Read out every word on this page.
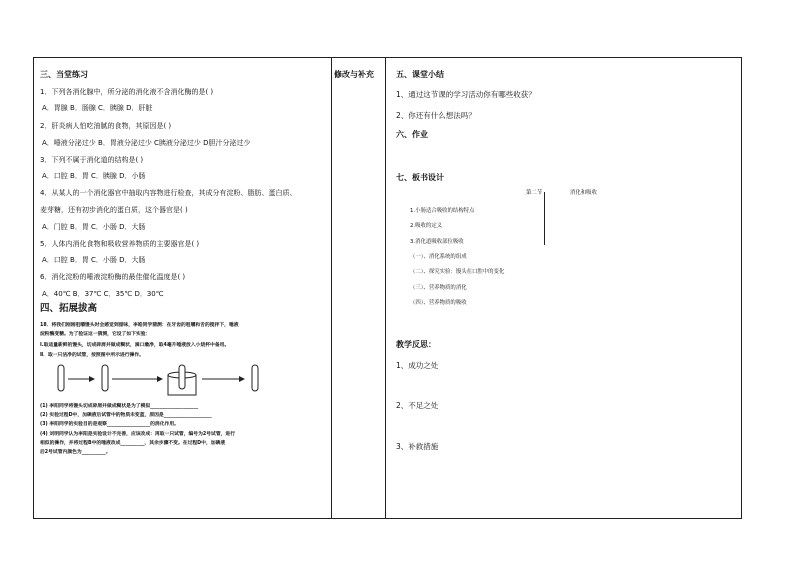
三、当堂练习
1．下列各消化腺中，所分泌的消化液不含消化酶的是( )
A．胃腺 B．肠腺 C．胰腺 D．肝脏
2．肝炎病人怕吃油腻的食物，其原因是( )
A．唾液分泌过少 B．胃液分泌过少 C胰液分泌过少 D胆汁分泌过少
3．下列不属于消化道的结构是( )
A．口腔 B．胃 C．胰腺 D．小肠
4．从某人的一个消化器官中抽取内容物进行检查，其成分有淀粉、脂肪、蛋白质、
麦芽糖，还有初步消化的蛋白质，这个器官是( )
A．门腔 B．胃 C．小肠 D．大肠
5．人体内消化食物和吸收营养物质的主要器官是( )
A．口腔 B．胃 C．小肠 D．大肠
6．消化淀粉的唾液淀粉酶的最佳催化温度是( )
A．40℃ B．37℃ C．35℃ D．30℃
四、拓展拔高
18．将我们刚刚咀嚼馒头时会感觉到甜味，李皓同学猜测：在牙齿的咀嚼和舌的搅拌下，唾液
淀粉酶变糖。为了验证这一猜测，它设了如下实验：
Ⅰ.取适量新鲜的馒头，切成碎屑并做成糊状，滴口漱净，取4毫升唾液放入小烧杯中备用。
Ⅱ．取一只洁净的试管，按照图中所示进行操作。
(1) 李阳同学将馒头切成碎屑并做成糊状是为了模拟____________________
(2) 实验过程D中，加碘液后试管中的物质未变蓝，原因是____________________
(3) 李阳同学的实验目的是观察__________________的消化作用。
(4) 刘明同学认为李阳是实验设计不完善，应该改成：再取一只试管，编号为2号试管，进行
相似的操作，并将过程B中的唾液改成__________，其余步骤不变。在过程D中，加碘液
后2号试管内颜色为__________。
修改与补充	五、课堂小结
1、通过这节课的学习活动你有哪些收获？
2、你还有什么想法吗？
六、作业
七、板书设计
第二节	消化和吸收
1.小肠适合吸收的结构特点
2.吸收的定义
3.消化道吸收部位吸收
（一）、消化系统的组成
（二）、探究实验：馒头在口腔中的变化
（三）、营养物质的消化
（四）、营养物质的吸收
教学反思：
1、成功之处
2、不足之处
3、补救措施
